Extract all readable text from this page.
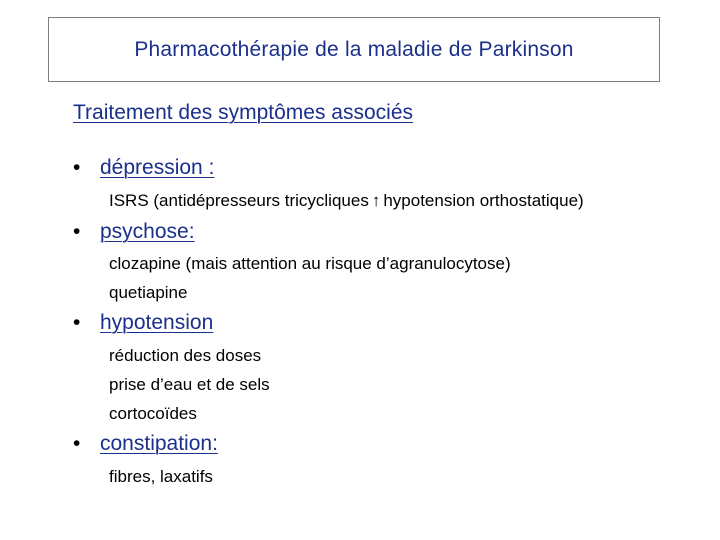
Pharmacothérapie de la maladie de Parkinson
Traitement des symptômes associés
• dépression :
ISRS (antidépresseurs tricycliques ↑ hypotension orthostatique)
• psychose:
clozapine (mais attention au risque d’agranulocytose)
quetiapine
• hypotension
réduction des doses
prise d’eau et de sels
cortocoïdes
• constipation:
fibres, laxatifs
